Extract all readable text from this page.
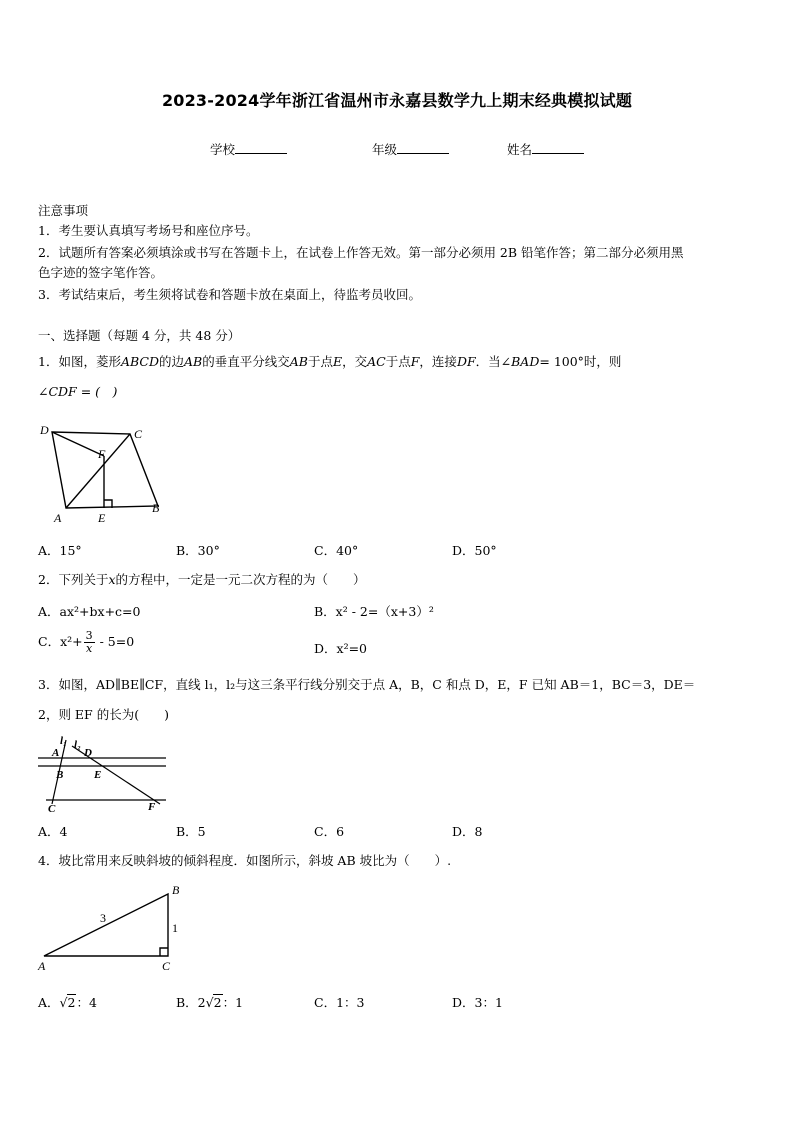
2023-2024学年浙江省温州市永嘉县数学九上期末经典模拟试题
学校	年级	姓名
注意事项
1．考生要认真填写考场号和座位序号。
2．试题所有答案必须填涂或书写在答题卡上，在试卷上作答无效。第一部分必须用 2B 铅笔作答；第二部分必须用黑
色字迹的签字笔作答。
3．考试结束后，考生须将试卷和答题卡放在桌面上，待监考员收回。
一、选择题（每题 4 分，共 48 分）
1．如图，菱形ABCD的边AB的垂直平分线交AB于点E，交AC于点F，连接DF．当∠BAD= 100°时，则
∠CDF = (　)
D	C
F
A	E
B
A．15°	B．30°	C．40°	D．50°
2．下列关于x的方程中，一定是一元二次方程的为（　　）
A．ax²+bx+c=0	B．x² - 2=（x+3）²
C．$x^2+ \frac{3}{x} - 5=0$	D．x²=0
3．如图，AD∥BE∥CF，直线 l₁，l₂与这三条平行线分别交于点 A，B，C 和点 D，E，F 已知 AB＝1，BC＝3，DE＝
2，则 EF 的长为(　　)
l₁ l₂
A D
B	E
C	F
A．4	B．5	C．6	D．8
4．坡比常用来反映斜坡的倾斜程度．如图所示，斜坡 AB 坡比为（　　）.
A
B
C
3
1
A．√2：4	B．2√2：1	C．1：3	D．3：1
